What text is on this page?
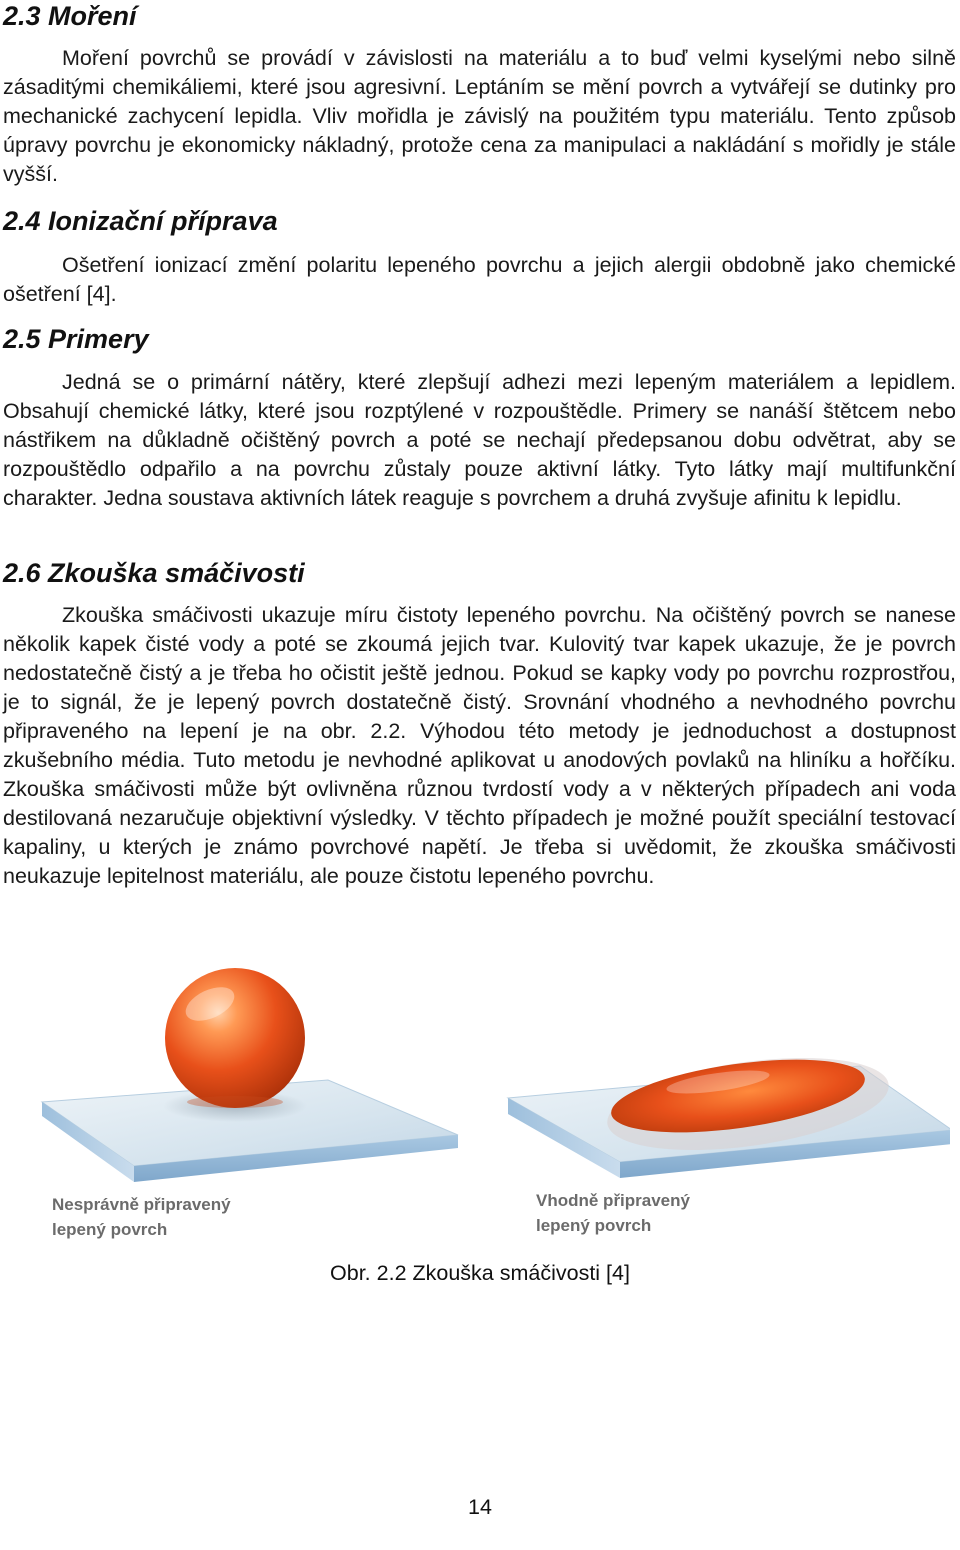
2.3 Moření

Moření povrchů se provádí v závislosti na materiálu a to buď velmi kyselými nebo silně zásaditými chemikáliemi, které jsou agresivní. Leptáním se mění povrch a vytvářejí se dutinky pro mechanické zachycení lepidla. Vliv mořidla je závislý na použitém typu materiálu. Tento způsob úpravy povrchu je ekonomicky nákladný, protože cena za manipulaci a nakládání s mořidly je stále vyšší.

2.4 Ionizační příprava

Ošetření ionizací změní polaritu lepeného povrchu a jejich alergii obdobně jako chemické ošetření [4].

2.5 Primery

Jedná se o primární nátěry, které zlepšují adhezi mezi lepeným materiálem a lepidlem. Obsahují chemické látky, které jsou rozptýlené v rozpouštědle. Primery se nanáší štětcem nebo nástřikem na důkladně očištěný povrch a poté se nechají předepsanou dobu odvětrat, aby se rozpouštědlo odpařilo a na povrchu zůstaly pouze aktivní látky. Tyto látky mají multifunkční charakter. Jedna soustava aktivních látek reaguje s povrchem a druhá zvyšuje afinitu k lepidlu.

2.6 Zkouška smáčivosti

Zkouška smáčivosti ukazuje míru čistoty lepeného povrchu. Na očištěný povrch se nanese několik kapek čisté vody a poté se zkoumá jejich tvar. Kulovitý tvar kapek ukazuje, že je povrch nedostatečně čistý a je třeba ho očistit ještě jednou. Pokud se kapky vody po povrchu rozprostřou, je to signál, že je lepený povrch dostatečně čistý. Srovnání vhodného a nevhodného povrchu připraveného na lepení je na obr. 2.2. Výhodou této metody je jednoduchost a dostupnost zkušebního média. Tuto metodu je nevhodné aplikovat u anodových povlaků na hliníku a hořčíku. Zkouška smáčivosti může být ovlivněna různou tvrdostí vody a v některých případech ani voda destilovaná nezaručuje objektivní výsledky. V těchto případech je možné použít speciální testovací kapaliny, u kterých je známo povrchové napětí. Je třeba si uvědomit, že zkouška smáčivosti neukazuje lepitelnost materiálu, ale pouze čistotu lepeného povrchu.

Nesprávně připravený
lepený povrch
Vhodně připravený
lepený povrch
Obr. 2.2 Zkouška smáčivosti [4]
14
